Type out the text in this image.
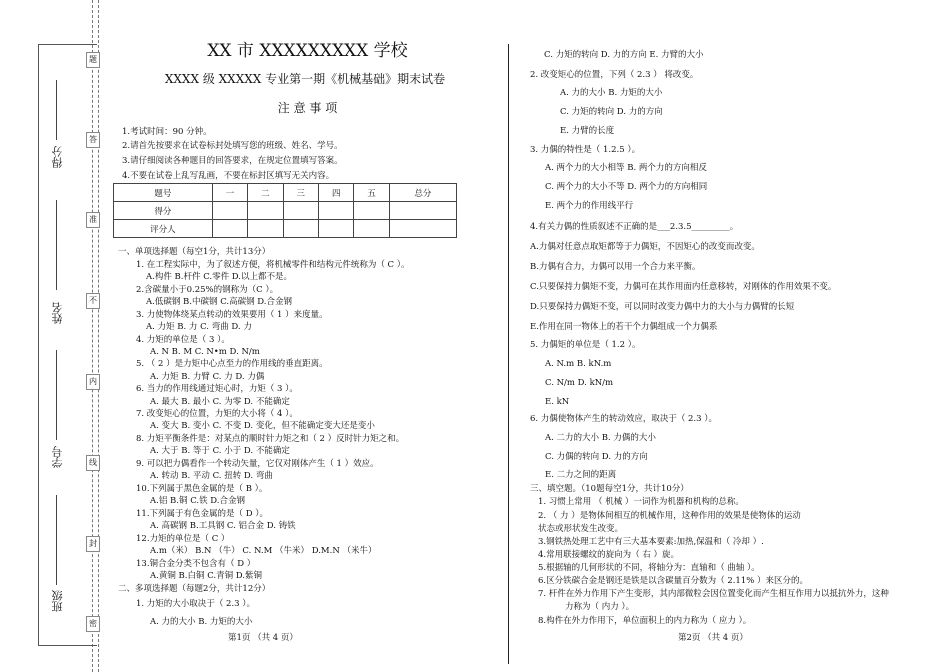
题
答
准
不
内
线
封
密
得分
姓名
学号
班级
XX 市 XXXXXXXXX 学校
XXXX 级 XXXXX 专业第一期《机械基础》期末试卷
注 意 事 项
1.考试时间：90 分钟。
2.请首先按要求在试卷标封处填写您的班级、姓名、学号。
3.请仔细阅读各种题目的回答要求，在规定位置填写答案。
4.不要在试卷上乱写乱画，不要在标封区填写无关内容。
题号	一	二	三	四	五	总分
得分						
评分人						
一、单项选择题（每空1分，共计13分）
1. 在工程实际中，为了叙述方便，将机械零件和结构元件统称为（ C ）。
A.构件 B.杆件 C.零件 D.以上都不是。
2.含碳量小于0.25%的钢称为（C ）。
A.低碳钢 B.中碳钢 C.高碳钢 D.合金钢
3. 力使物体绕某点转动的效果要用（ 1 ）来度量。
A. 力矩 B. 力 C. 弯曲 D. 力
4. 力矩的单位是（ 3 ）。
A. N B. M C. N•m D. N/m
5. （ 2 ）是力矩中心点至力的作用线的垂直距离。
A. 力矩 B. 力臂 C. 力 D. 力偶
6. 当力的作用线通过矩心时，力矩（ 3 ）。
A. 最大 B. 最小 C. 为零 D. 不能确定
7. 改变矩心的位置，力矩的大小将（ 4 ）。
A. 变大 B. 变小 C. 不变 D. 变化，但不能确定变大还是变小
8. 力矩平衡条件是：对某点的顺时针力矩之和（ 2 ）反时针力矩之和。
A. 大于 B. 等于 C. 小于 D. 不能确定
9. 可以把力偶看作一个转动矢量，它仅对刚体产生（ 1 ）效应。
A. 转动 B. 平动 C. 扭转 D. 弯曲
10.下列属于黑色金属的是（ B ）。
A.铝 B.铜 C.铁 D.合金钢
11.下列属于有色金属的是（ D ）。
A. 高碳钢 B.工具钢 C. 铝合金 D. 铸铁
12.力矩的单位是（ C ）
A.m（米） B.N （牛） C. N.M （牛米） D.M.N （米牛）
13.铜合金分类不包含有（ D ）
A.黄铜 B.白铜 C.青铜 D.紫铜
二、多项选择题（每题2分，共计12分）
1. 力矩的大小取决于（ 2.3 ）。
A. 力的大小 B. 力矩的大小
第1页 （共 4 页）
C. 力矩的转向 D. 力的方向 E. 力臂的大小
2. 改变矩心的位置，下列（ 2.3 ） 将改变。
A. 力的大小 B. 力矩的大小
C. 力矩的转向 D. 力的方向
E. 力臂的长度
3. 力偶的特性是（ 1.2.5 ）。
A. 两个力的大小相等 B. 两个力的方向相反
C. 两个力的大小不等 D. 两个力的方向相同
E. 两个力的作用线平行
4.有关力偶的性质叙述不正确的是___2.3.5_________。
A.力偶对任意点取矩都等于力偶矩，不因矩心的改变而改变。
B.力偶有合力，力偶可以用一个合力来平衡。
C.只要保持力偶矩不变，力偶可在其作用面内任意移转，对刚体的作用效果不变。
D.只要保持力偶矩不变，可以同时改变力偶中力的大小与力偶臂的长短
E.作用在同一物体上的若干个力偶组成一个力偶系
5. 力偶矩的单位是（ 1.2 ）。
A. N.m B. kN.m
C. N/m D. kN/m
E. kN
6. 力偶使物体产生的转动效应，取决于（ 2.3 ）。
A. 二力的大小 B. 力偶的大小
C. 力偶的转向 D. 力的方向
E. 二力之间的距离
三、填空题。（10题每空1分，共计10分）
1. 习惯上常用 （ 机械 ）一词作为机器和机构的总称。
2. （ 力 ）是物体间相互的机械作用，这种作用的效果是使物体的运动
状态或形状发生改变。
3.钢铁热处理工艺中有三大基本要素:加热,保温和（ 冷却 ）.
4.常用联接螺纹的旋向为（ 右 ）旋。
5.根据轴的几何形状的不同，将轴分为：直轴和（ 曲轴 ）。
6.区分铁碳合金是钢还是铁是以含碳量百分数为（ 2.11% ）来区分的。
7. 杆件在外力作用下产生变形，其内部微粒会因位置变化而产生相互作用力以抵抗外力，这种
力称为（ 内力 ）。
8.构件在外力作用下，单位面积上的内力称为（ 应力 ）。
第2页 （共 4 页）
